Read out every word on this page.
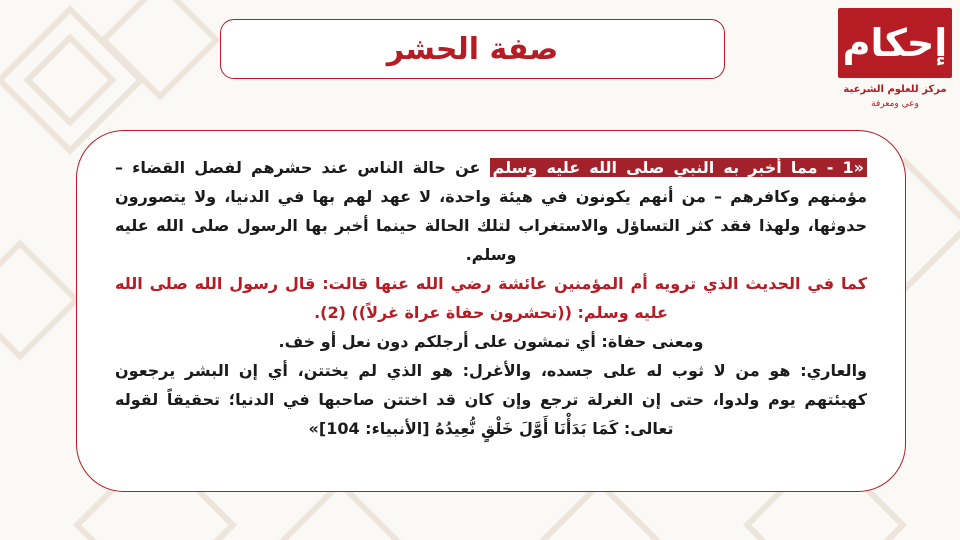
إحكام
مركز للعلوم الشرعية
وعي ومعرفة
صفة الحشر

«1 - مما أخبر به النبي صلى الله عليه وسلم عن حالة الناس عند حشرهم لفصل القضاء – مؤمنهم وكافرهم – من أنهم يكونون في هيئة واحدة، لا عهد لهم بها في الدنيا، ولا يتصورون حدوثها، ولهذا فقد كثر التساؤل والاستغراب لتلك الحالة حينما أخبر بها الرسول صلى الله عليه وسلم.

كما في الحديث الذي ترويه أم المؤمنين عائشة رضي الله عنها قالت: قال رسول الله صلى الله عليه وسلم: ((تحشرون حفاة عراة غرلاً)) (2).

ومعنى حفاة: أي تمشون على أرجلكم دون نعل أو خف.

والعاري: هو من لا ثوب له على جسده، والأغرل: هو الذي لم يختتن، أي إن البشر يرجعون كهيئتهم يوم ولدوا، حتى إن الغرلة ترجع وإن كان قد اختتن صاحبها في الدنيا؛ تحقيقاً لقوله تعالى: كَمَا بَدَأْنَا أَوَّلَ خَلْقٍ نُّعِيدُهُ [الأنبياء: 104]»
